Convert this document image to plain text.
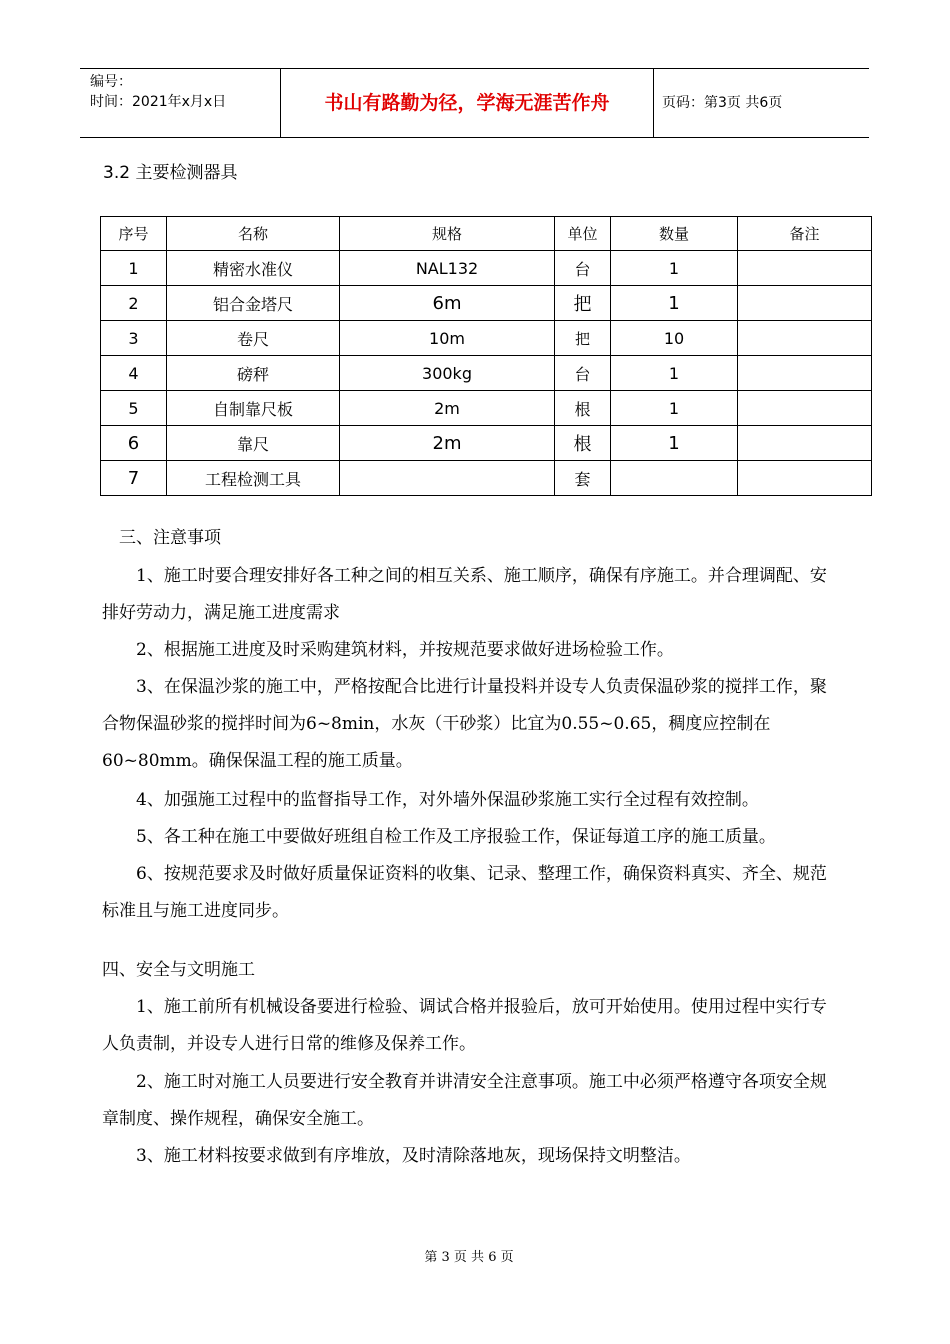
编号：
时间：2021年x月x日	书山有路勤为径，学海无涯苦作舟	页码：第3页 共6页
3.2 主要检测器具
序号	名称	规格	单位	数量	备注
1	精密水准仪	NAL132	台	1	
2	铝合金塔尺	6m	把	1	
3	卷尺	10m	把	10	
4	磅秤	300kg	台	1	
5	自制靠尺板	2m	根	1	
6	靠尺	2m	根	1	
7	工程检测工具		套		

三、注意事项

1、施工时要合理安排好各工种之间的相互关系、施工顺序，确保有序施工。并合理调配、安排好劳动力，满足施工进度需求

2、根据施工进度及时采购建筑材料，并按规范要求做好进场检验工作。

3、在保温沙浆的施工中，严格按配合比进行计量投料并设专人负责保温砂浆的搅拌工作，聚合物保温砂浆的搅拌时间为6~8min，水灰（干砂浆）比宜为0.55~0.65，稠度应控制在60~80mm。确保保温工程的施工质量。

4、加强施工过程中的监督指导工作，对外墙外保温砂浆施工实行全过程有效控制。

5、各工种在施工中要做好班组自检工作及工序报验工作，保证每道工序的施工质量。

6、按规范要求及时做好质量保证资料的收集、记录、整理工作，确保资料真实、齐全、规范标准且与施工进度同步。

四、安全与文明施工

1、施工前所有机械设备要进行检验、调试合格并报验后，放可开始使用。使用过程中实行专人负责制，并设专人进行日常的维修及保养工作。

2、施工时对施工人员要进行安全教育并讲清安全注意事项。施工中必须严格遵守各项安全规章制度、操作规程，确保安全施工。

3、施工材料按要求做到有序堆放，及时清除落地灰，现场保持文明整洁。

第 3 页 共 6 页
